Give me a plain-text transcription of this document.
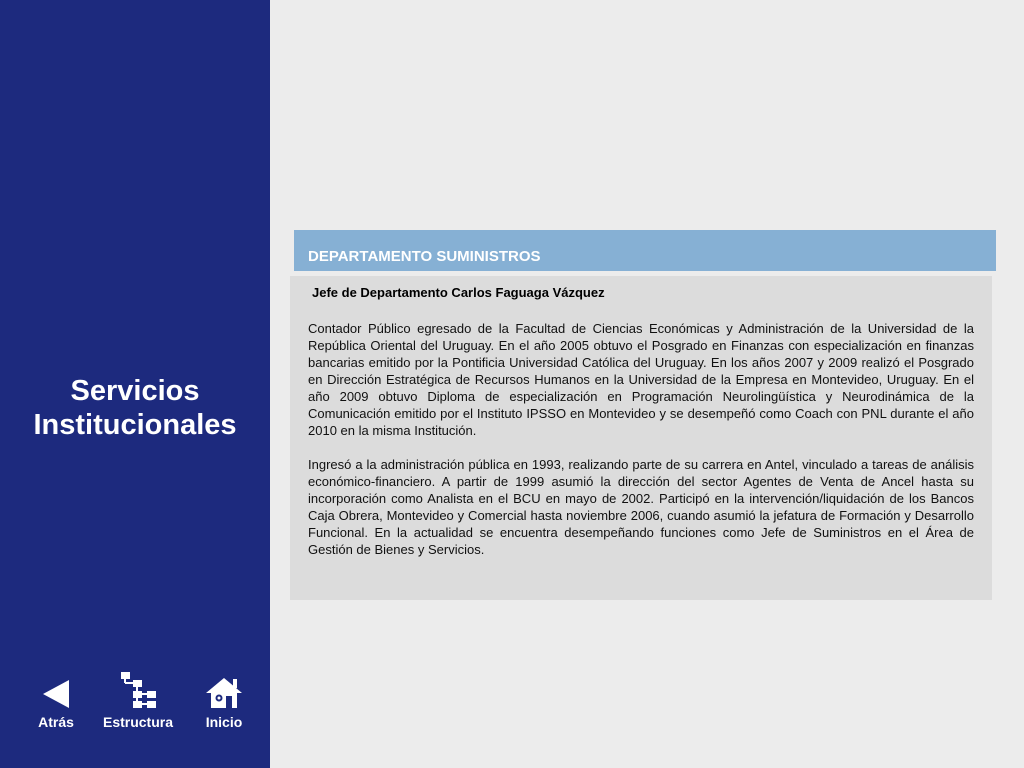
Servicios
Institucionales
Atrás	Estructura	Inicio
DEPARTAMENTO SUMINISTROS
Jefe de Departamento Carlos Faguaga Vázquez

Contador Público egresado de la Facultad de Ciencias Económicas y Administración de la Universidad de la República Oriental del Uruguay. En el año 2005 obtuvo el Posgrado en Finanzas con especialización en finanzas bancarias emitido por la Pontificia Universidad Católica del Uruguay. En los años 2007 y 2009 realizó el Posgrado en Dirección Estratégica de Recursos Humanos en la Universidad de la Empresa en Montevideo, Uruguay. En el año 2009 obtuvo Diploma de especialización en Programación Neurolingüística y Neurodinámica de la Comunicación emitido por el Instituto IPSSO en Montevideo y se desempeñó como Coach con PNL durante el año 2010 en la misma Institución.

Ingresó a la administración pública en 1993, realizando parte de su carrera en Antel, vinculado a tareas de análisis económico-financiero. A partir de 1999 asumió la dirección del sector Agentes de Venta de Ancel hasta su incorporación como Analista en el BCU en mayo de 2002. Participó en la intervención/liquidación de los Bancos Caja Obrera, Montevideo y Comercial hasta noviembre 2006, cuando asumió la jefatura de Formación y Desarrollo Funcional. En la actualidad se encuentra desempeñando funciones como Jefe de Suministros en el Área de Gestión de Bienes y Servicios.
